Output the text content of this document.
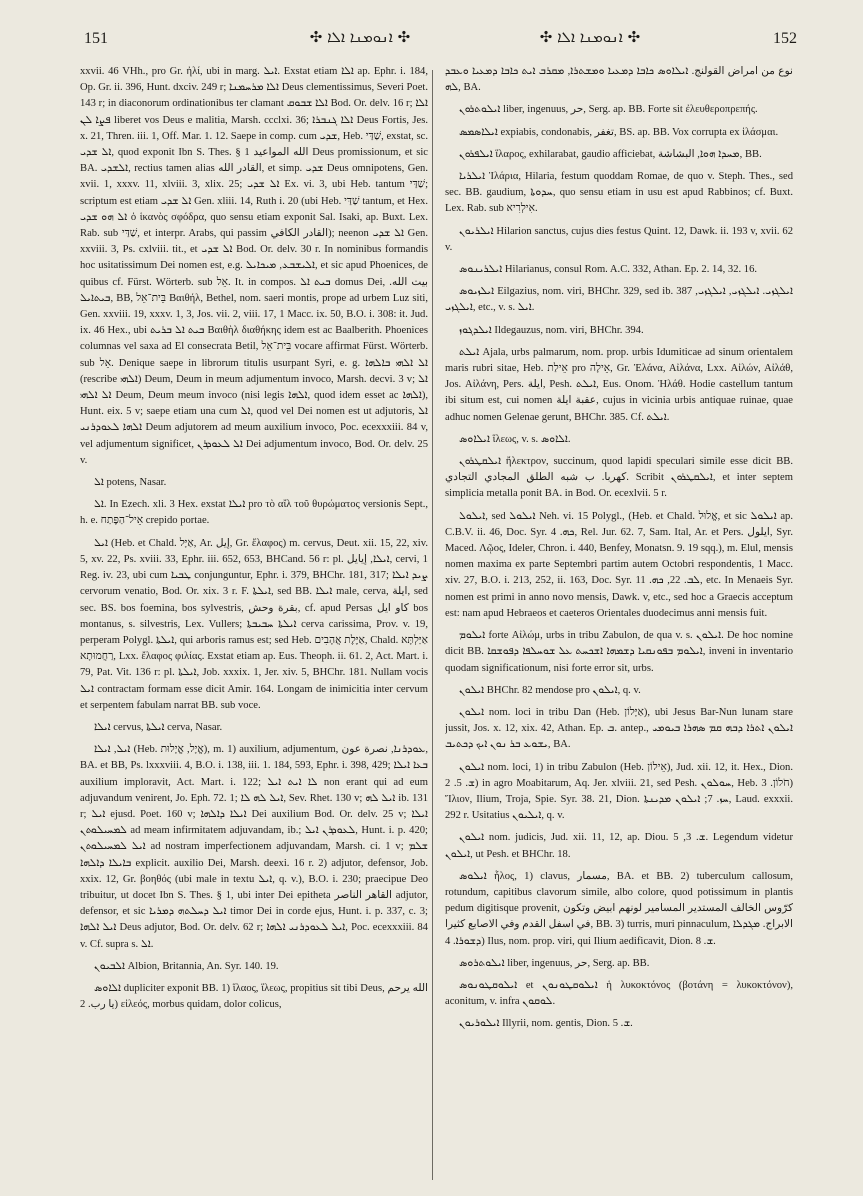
151	✣ ܐܢܘܡܢܐ ܐܠܐ ✣	✣ ܐܢܘܡܢܐ ܐܠܐ ✣	152

xxvii. 46 VHh., pro Gr. ἠλί, ubi in marg. ܐܝܠ. Exstat etiam ܐܠܐ ap. Ephr. i. 184, Op. Gr. ii. 396, Hunt. dxciv. 249 r; ܐܠܐ ܡܪܚܡܢܐ Deus clementissimus, Severi Poet. 143 r; in diaconorum ordinationibus ter clamant ܐܠܐ ܫܒܘܩ Bod. Or. delv. 16 r; ܐܠܐ ܦܨܐ ܠܢ liberet vos Deus e malitia, Marsh. ccclxi. 36; ܐܠܐ ܓܢܒܪܐ Deus Fortis, Jes. x. 21, Thren. iii. 1, Off. Mar. 1. 12. Saepe in comp. cum ܫܕܝ, Heb. שַׁדַּי, exstat, sc. ܐܠ ܫܕܝ, quod exponit Ibn S. Thes. § 1 الله المواعيد Deus promissionum, et sic BA. ܐܠܫܕܝ, rectius tamen alias القادر الله, et simp. ܫܕܝ Deus omnipotens, Gen. xvii. 1, xxxv. 11, xlviii. 3, xlix. 25; ܐܠ ܫܕܝ Ex. vi. 3, ubi Heb. tantum שַׁדַּי; scriptum est etiam ܐܠ ܫܕܝ Gen. xliii. 14, Ruth i. 20 (ubi Heb. שַׁדַּי tantum, et Hex. ܐܠ ܗܘ ܫܕܝ ὁ ἱκανὸς σφόδρα, quo sensu etiam exponit Sal. Isaki, ap. Buxt. Lex. Rab. sub שַׁדַּי, et interpr. Arabs, qui passim القادر الكافي); neenon ܐܠ ܫܕܝ Gen. xxviii. 3, Ps. cxlviii. tit., et ܐܠ ܫܕܝ Bod. Or. delv. 30 r. In nominibus formandis hoc usitatissimum Dei nomen est, e.g. ܐܠܝܫܒܥ, ܡܝܟܐܝܠ, et sic apud Phoenices, de quibus cf. Fürst. Wörterb. sub אֵל. It. in compos. ܒܝܬ ܐܠ domus Dei, بيت الله. ܒܝܬܐܝܠ, BB, בֵּית־אֵל Βαιθήλ, Bethel, nom. saeri montis, prope ad urbem Luz siti, Gen. xxviii. 19, xxxv. 1, 3, Jos. vii. 2, viii. 17, 1 Macc. ix. 50, B.O. i. 308: it. Jud. ix. 46 Hex., ubi ܒܝܬ ܐܠ ܒܪܝܬ Βαιθὴλ διαθήκης idem est ac Baalberith. Phoenices columnas vel saxa ad El consecrata Betil, בֵּית־אֵל vocare affirmat Fürst. Wörterb. sub אֵל. Denique saepe in librorum titulis usurpant Syri, e. g. ܐܠ ܐܠܗܝ ܒܐܠܗܐ (rescribe ܐܠܗܝ) Deum, Deum in meum adjumentum invoco, Marsh. decvi. 3 v; ܐܠ ܐܠ ܐܠܗܝ Deum, Deum meum invoco (nisi legis ܐܠܗܐ, quod idem esset ac ܐܠܗܐ), Hunt. eix. 5 v; saepe etiam una cum ܐܠ, quod vel Dei nomen est ut adjutoris, ܐܠ ܐܠܗܐ ܠܥܘܕܪܢܝ Deum adjutorem ad meum auxilium invoco, Poc. ecexxxiii. 84 v, vel adjumentum significet, ܐܠ ܠܥܘܕܪܢ Dei adjumentum invoco, Bod. Or. delv. 25 v.

ܐܠ potens, Nasar.

ܐܠ. In Ezech. xli. 3 Hex. exstat ܐܝܠܐ pro τὸ αἴλ τοῦ θυρώματος versionis Sept., h. e. אֵיל־הַפֶּתַח crepido portae.

ܐܝܠ (Heb. et Chald. אַיָּל, Ar. إيل, Gr. ἔλαφος) m. cervus, Deut. xii. 15, 22, xiv. 5, xv. 22, Ps. xviii. 33, Ephr. iii. 652, 653, BHCand. 56 r: pl. ܐܝܠܐ, إيايل, cervi, 1 Reg. iv. 23, ubi cum ܛܒܝܐ conjunguntur, Ephr. i. 379, BHChr. 181, 317; ܨܝܕ ܐܝܠܐ cervorum venatio, Bod. Or. xix. 3 r. F. ܐܝܠܬܐ, sed BB. ܐܝܠܐ male, cerva, ايلة, sed sec. BS. bos foemina, bos sylvestris, بقرة وحش, cf. apud Persas كاو ايل bos montanus, s. silvestris, Lex. Vullers; ܐܝܠܬܐ ܚܒܝܒܬܐ cerva carissima, Prov. v. 19, perperam Polygl. ܐܝܠܬܐ, qui arboris ramus est; sed Heb. אַיֶּלֶת אֲהָבִים, Chald. אַיַּלְתָּא רַחֲמוּתָא, Lxx. ἔλαφος φιλίας. Exstat etiam ap. Eus. Theoph. ii. 61. 2, Act. Mart. i. 79, Pat. Vit. 136 r: pl. ܐܝܠܬܐ, Job. xxxix. 1, Jer. xiv. 5, BHChr. 181. Nullam vocis ܐܝܠ contractam formam esse dicit Amir. 164. Longam de inimicitia inter cervum et serpentem fabulam narrat BB. sub voce.

ܐܝܠܐ cervus, ܐܝܠܬܐ cerva, Nasar.

ܐܝܠ, ܐܝܠܐ (Heb. אֱיָל, אֱיָלוּת), m. 1) auxilium, adjumentum, ܥܘܕܪܢܐ, نصرة عون, BA. et BB, Ps. lxxxviii. 4, B.O. i. 138, iii. 1. 184, 593, Ephr. i. 398, 429; ܒܥܐ ܐܝܠܐ auxilium imploravit, Act. Mart. i. 122; ܠܐ ܐܝܬ ܐܝܠ non erant qui ad eum adjuvandum venirent, Jo. Eph. 72. 1; ܐܝܠ ܠܗ ܠܐ, Sev. Rhet. 130 v; ܐܝܠ ܠܗ ib. 131 r; ܐܝܠ ejusd. Poet. 160 v; ܐܝܠܐ ܕܐܠܗܐ Dei auxilium Bod. Or. delv. 25 v; ܐܝܠܐ ܠܡܚܝܠܘܬܢ ad meam infirmitatem adjuvandam, ib.; ܠܥܘܕܪܢ ܐܝܠ, Hunt. i. p. 420; ܐܝܠ ܠܡܚܝܠܘܬܢ ad nostram imperfectionem adjuvandam, Marsh. ci. 1 v; ܫܠܡ ܒܐܝܠܐ ܕܐܠܗܐ explicit. auxilio Dei, Marsh. deexi. 16 r. 2) adjutor, defensor, Job. xxix. 12, Gr. βοηθός (ubi male in textu ܐܝܠ, q. v.), B.O. i. 230; praecipue Deo tribuitur, ut docet Ibn S. Thes. § 1, ubi inter Dei epitheta القاهر الناصر adjutor, defensor, et sic ܐܝܠ ܕܚܠܬܗ ܕܡܪܝܐ timor Dei in corde ejus, Hunt. i. p. 337, c. 3; ܐܝܠ ܐܠܗܐ Deus adjutor, Bod. Or. delv. 62 r; ܐܝܠ ܠܥܘܕܪܢܝ ܐܠܗܐ, Poc. ecexxxiii. 84 v. Cf. supra s. ܐܠ.

ܐܠܒܝܘܢ Albion, Britannia, An. Syr. 140. 19.

ܐܠܐܘܣ dupliciter exponit BB. 1) ἵλαος, ἵλεως, propitius sit tibi Deus, الله يرحم يا رب. 2) εἰλεός, morbus quidam, dolor colicus,

نوع من امراض القولنج. ܐܝܠܐܘܣ ܟܐܒܐ ܕܡܥܝܐ ܘܡܫܬܪܐ, ܡܩܪܒ ܐܝܬ ܟܐܒܐ ܕܡܥܝܐ ܘܥܒܕ ܠܗ, BA.

ܐܝܠܘܬܪܘܢ liber, ingenuus, حر, Serg. ap. BB. Forte sit ἐλευθεροπρεπής.

ܐܝܠܐܣܡܣ expiabis, condonabis, تغفر, BS. ap. BB. Vox corrupta ex ἱλάσμαι.

ܐܝܠܦܪܘܢ ἵλαρος, exhilarabat, gaudio afficiebat, ܡܚܕܐ ܗܘܐ, البشاشة, BB.

ܐܝܠܪܝܐ Ἱλάρια, Hilaria, festum quoddam Romae, de quo v. Steph. Thes., sed sec. BB. gaudium, ܚܕܘܬܐ, quo sensu etiam in usu est apud Rabbinos; cf. Buxt. Lex. Rab. sub אִילְרִיא.

ܐܝܠܪܝܘܢ Hilarion sanctus, cujus dies festus Quint. 12, Dawk. ii. 193 v, xvii. 62 v.

ܐܝܠܪܝܢܘܣ Hilarianus, consul Rom. A.C. 332, Athan. Ep. 2. 14, 32. 16.

ܐܝܠܙܝܘܣ Eilgazius, nom. viri, BHChr. 329, sed ib. 387 ܐܝܠܓܙܝ. ܐܝܠܓܙܝ, ܐܝܠܓܙܝ, ܐܝܠܓܙܝ, etc., v. s. ܐܝܠ.

ܐܝܠܕܓܘܙ Ildegauzus, nom. viri, BHChr. 394.

ܐܝܠܬ Ajala, urbs palmarum, nom. prop. urbis Idumiticae ad sinum orientalem maris rubri sitae, Heb. אֵילַת pro אֵילָה, Gr. Ἐλάνα, Αἰλάνα, Lxx. Αἰλών, Αἰλάθ, Jos. Αἰλάνη, Pers. ايلة, Pesh. ܐܝܠܬ, Eus. Onom. Ἠλάθ. Hodie castellum tantum ibi situm est, cui nomen عقبة ايلة, cujus in vicinia urbis antiquae ruinae, quae adhuc nomen Gelenae gerunt, BHChr. 385. Cf. ܐܝܠܬ.

ܐܝܠܐܘܣ ἵλεως, v. s. ܐܠܐܘܣ.

ܐܝܠܩܛܪܘܢ ἤλεκτρον, succinum, quod lapidi speculari simile esse dicit BB. كهربا. ب شبه الطلق المجادي التجادي. Scribit ܐܝܠܩܛܪܘܢ, et inter septem simplicia metalla ponit BA. in Bod. Or. ecexlvii. 5 r.

ܐܝܠܘܠ, sed ܐܝܠܘܠ Neh. vi. 15 Polygl., (Heb. et Chald. אֱלוּל, et sic ܐܝܠܘܠ ap. C.B.V. ii. 46, Doc. Syr. ܟܗ. 4, Rel. Jur. 62. 7, Sam. Ital, Ar. et Pers. ايلول, Syr. Maced. Λῷος, Ideler, Chron. i. 440, Benfey, Monatsn. 9. 19 sqq.), m. Elul, mensis nomen maxima ex parte Septembri partim autem Octobri respondentis, 1 Macc. xiv. 27, B.O. i. 213, 252, ii. 163, Doc. Syr. ܠܒ. 22, ܟܗ. 11, etc. In Menaeis Syr. nomen est primi in anno novo mensis, Dawk. v, etc., sed hoc a Graecis acceptum est: nam apud Hebraeos et caeteros Orientales duodecimus anni mensis fuit.

ܐܝܠܘܡ forte Αἰλώμ, urbs in tribu Zabulon, de qua v. s. ܐܝܠܘܢ. De hoc nomine dicit BB. ܐܝܠܘܡ ܒܦܘܢܩܝܐ ܕܫܡܗܐ ܐܫܟܚܬ ܥܠ ܫܘܚܠܦܐ ܕܦܘܫܩܐ, inveni in inventario quodam significationum, nisi forte error sit, urbs.

ܐܝܠܘܢ BHChr. 82 mendose pro ܐܝܠܘܢ, q. v.

ܐܝܠܘܢ nom. loci in tribu Dan (Heb. אַיָּלוֹן), ubi Jesus Bar-Nun lunam stare jussit, Jos. x. 12, xix. 42, Athan. Ep. ܒ. antep., ܐܝܠܘܢ ܐܬܪܐ ܕܒܗ ܩܡ ܣܗܪܐ ܒܝܘܡܝ ܝܫܘܥ ܒܪ ܢܘܢ ܐܝܟ ܕܟܬܝܒ, BA.

ܐܝܠܘܢ nom. loci, 1) in tribu Zabulon (Heb. אֵילוֹן), Jud. xii. 12, it. Hex., Dion. ܫ. 5. 2) in agro Moabitarum, Aq. Jer. xlviii. 21, sed Pesh. ܚܘܠܘܢ, Heb. חֹלוֹן. 3) Ἴλιον, Ilium, Troja, Spie. Syr. 38. 21, Dion. ܚܙ. 7; ܐܝܠܘܢ ܡܕܝܢܬܐ, Laud. exxxii. 292 r. Usitatius ܐܝܠܝܘܢ, q. v.

ܐܝܠܘܢ nom. judicis, Jud. xii. 11, 12, ap. Diou. ܫ. 3, 5. Legendum videtur ܐܝܠܘܢ, ut Pesh. et BHChr. 18.

ܐܝܠܘܣ ἧλος, 1) clavus, مسمار, BA. et BB. 2) tuberculum callosum, rotundum, capitibus clavorum simile, albo colore, quod potissimum in plantis pedum digitisque provenit, كرّوس الخالف المستدير المسامير لونهم ابيض وتكون في اسفل القدم وفي الاصابع كثيرا, BB. 3) turris, muri pinnaculum, الابراج. ܡܓܕܠܐ ܕܫܘܪܐ. 4) Ilus, nom. prop. viri, qui Ilium aedificavit, Dion. ܫ. 8.

ܐܝܠܘܬܪܘܣ liber, ingenuus, حر, Serg. ap. BB.

ܐܝܠܘܩܛܘܢܘܣ et ܐܝܠܘܩܛܘܢܘܢ ἡ λυκοκτόνος (βοτάνη = λυκοκτόνον), aconitum, v. infra ܠܘܩܘܢ.

ܐܝܠܘܪܝܘܢ Illyrii, nom. gentis, Dion. ܫ. 5.
